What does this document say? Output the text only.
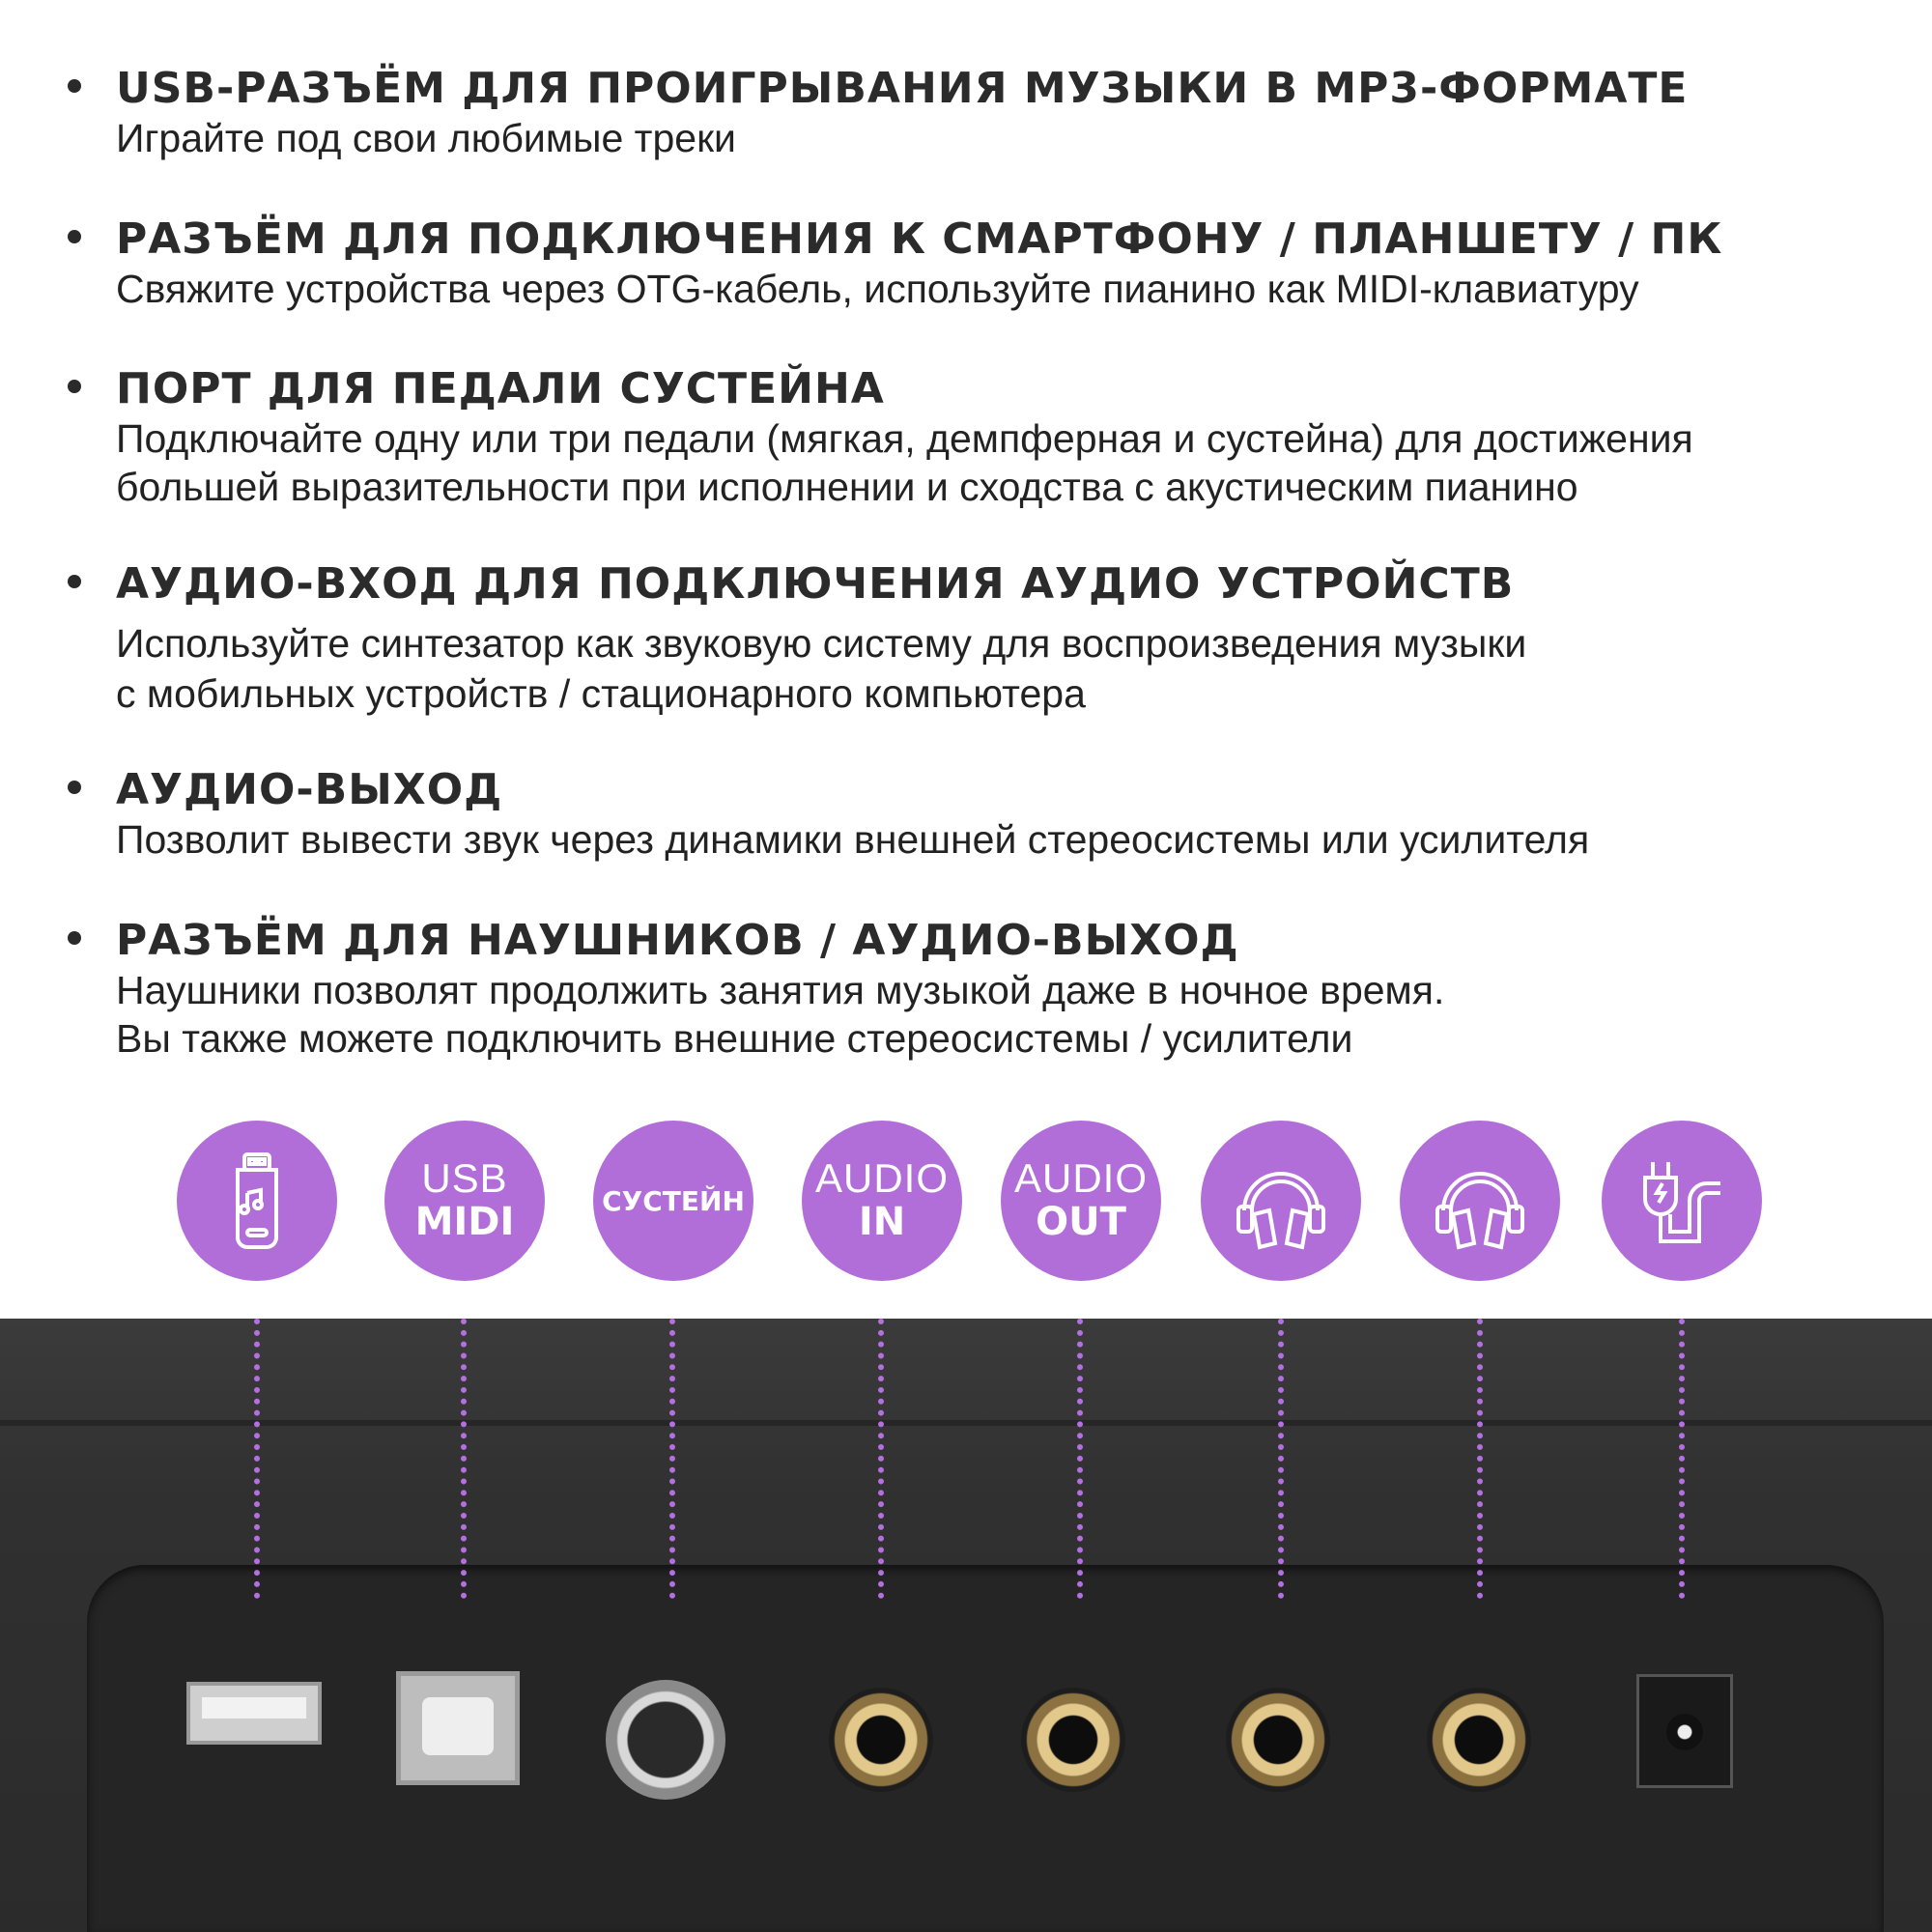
USB-РАЗЪЁМ ДЛЯ ПРОИГРЫВАНИЯ МУЗЫКИ В MP3-ФОРМАТЕ
Играйте под свои любимые треки
РАЗЪЁМ ДЛЯ ПОДКЛЮЧЕНИЯ К СМАРТФОНУ / ПЛАНШЕТУ / ПК
Свяжите устройства через OTG-кабель, используйте пианино как MIDI-клавиатуру
ПОРТ ДЛЯ ПЕДАЛИ СУСТЕЙНА
Подключайте одну или три педали (мягкая, демпферная и сустейна) для достижения
большей выразительности при исполнении и сходства с акустическим пианино
АУДИО-ВХОД ДЛЯ ПОДКЛЮЧЕНИЯ АУДИО УСТРОЙСТВ
Используйте синтезатор как звуковую систему для воспроизведения музыки
с мобильных устройств / стационарного компьютера
АУДИО-ВЫХОД
Позволит вывести звук через динамики внешней стереосистемы или усилителя
РАЗЪЁМ ДЛЯ НАУШНИКОВ / АУДИО-ВЫХОД
Наушники позволят продолжить занятия музыкой даже в ночное время.
Вы также можете подключить внешние стереосистемы / усилители
USB
MIDI	СУСТЕЙН AUDIO
IN
AUDIO
OUT
